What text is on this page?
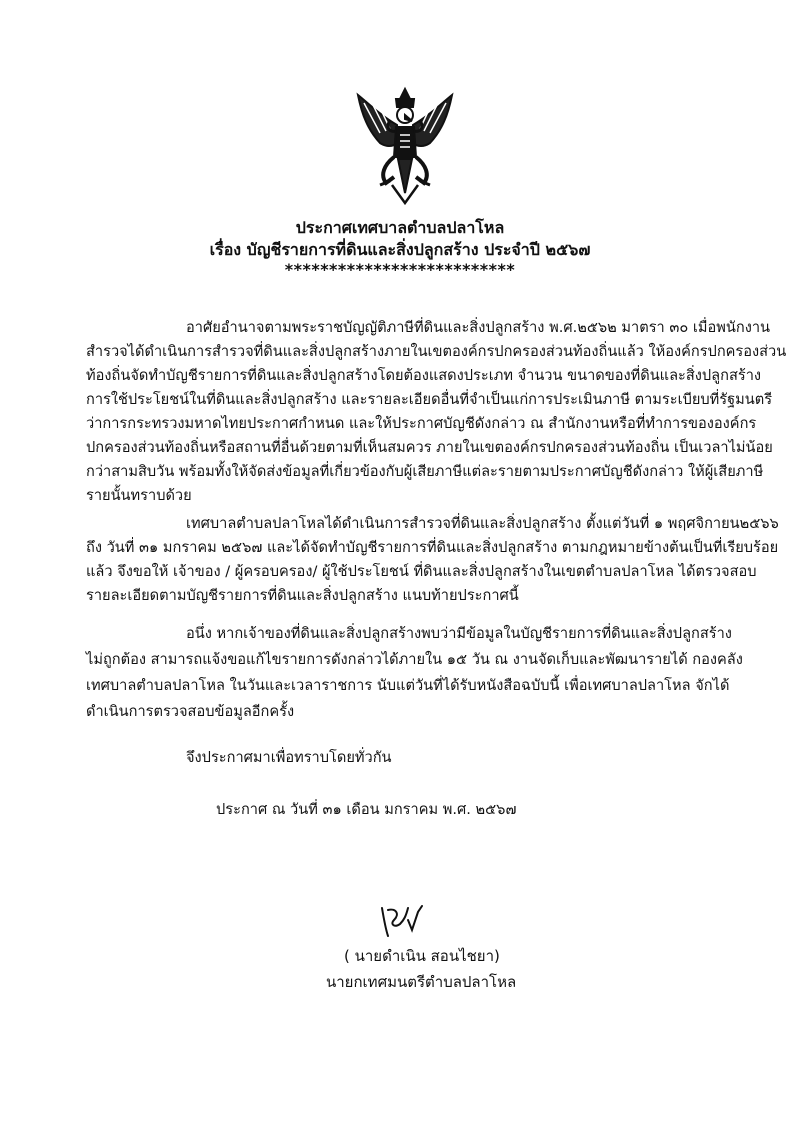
ประกาศเทศบาลตำบลปลาโหล
เรื่อง บัญชีรายการที่ดินและสิ่งปลูกสร้าง ประจำปี ๒๕๖๗
**************************
อาศัยอำนาจตามพระราชบัญญัติภาษีที่ดินและสิ่งปลูกสร้าง พ.ศ.๒๕๖๒ มาตรา ๓๐ เมื่อพนักงาน
สำรวจได้ดำเนินการสำรวจที่ดินและสิ่งปลูกสร้างภายในเขตองค์กรปกครองส่วนท้องถิ่นแล้ว ให้องค์กรปกครองส่วน
ท้องถิ่นจัดทำบัญชีรายการที่ดินและสิ่งปลูกสร้างโดยต้องแสดงประเภท จำนวน ขนาดของที่ดินและสิ่งปลูกสร้าง
การใช้ประโยชน์ในที่ดินและสิ่งปลูกสร้าง และรายละเอียดอื่นที่จำเป็นแก่การประเมินภาษี ตามระเบียบที่รัฐมนตรี
ว่าการกระทรวงมหาดไทยประกาศกำหนด และให้ประกาศบัญชีดังกล่าว ณ สำนักงานหรือที่ทำการขององค์กร
ปกครองส่วนท้องถิ่นหรือสถานที่อื่นด้วยตามที่เห็นสมควร ภายในเขตองค์กรปกครองส่วนท้องถิ่น เป็นเวลาไม่น้อย
กว่าสามสิบวัน พร้อมทั้งให้จัดส่งข้อมูลที่เกี่ยวข้องกับผู้เสียภาษีแต่ละรายตามประกาศบัญชีดังกล่าว ให้ผู้เสียภาษี
รายนั้นทราบด้วย
เทศบาลตำบลปลาโหลได้ดำเนินการสำรวจที่ดินและสิ่งปลูกสร้าง ตั้งแต่วันที่ ๑ พฤศจิกายน๒๕๖๖
ถึง วันที่ ๓๑ มกราคม ๒๕๖๗ และได้จัดทำบัญชีรายการที่ดินและสิ่งปลูกสร้าง ตามกฎหมายข้างต้นเป็นที่เรียบร้อย
แล้ว จึงขอให้ เจ้าของ / ผู้ครอบครอง/ ผู้ใช้ประโยชน์ ที่ดินและสิ่งปลูกสร้างในเขตตำบลปลาโหล ได้ตรวจสอบ
รายละเอียดตามบัญชีรายการที่ดินและสิ่งปลูกสร้าง แนบท้ายประกาศนี้
อนึ่ง หากเจ้าของที่ดินและสิ่งปลูกสร้างพบว่ามีข้อมูลในบัญชีรายการที่ดินและสิ่งปลูกสร้าง
ไม่ถูกต้อง สามารถแจ้งขอแก้ไขรายการดังกล่าวได้ภายใน ๑๕ วัน ณ งานจัดเก็บและพัฒนารายได้ กองคลัง
เทศบาลตำบลปลาโหล ในวันและเวลาราชการ นับแต่วันที่ได้รับหนังสือฉบับนี้ เพื่อเทศบาลปลาโหล จักได้
ดำเนินการตรวจสอบข้อมูลอีกครั้ง
จึงประกาศมาเพื่อทราบโดยทั่วกัน
ประกาศ ณ วันที่ ๓๑ เดือน มกราคม พ.ศ. ๒๕๖๗
( นายดำเนิน สอนไชยา)
นายกเทศมนตรีตำบลปลาโหล
